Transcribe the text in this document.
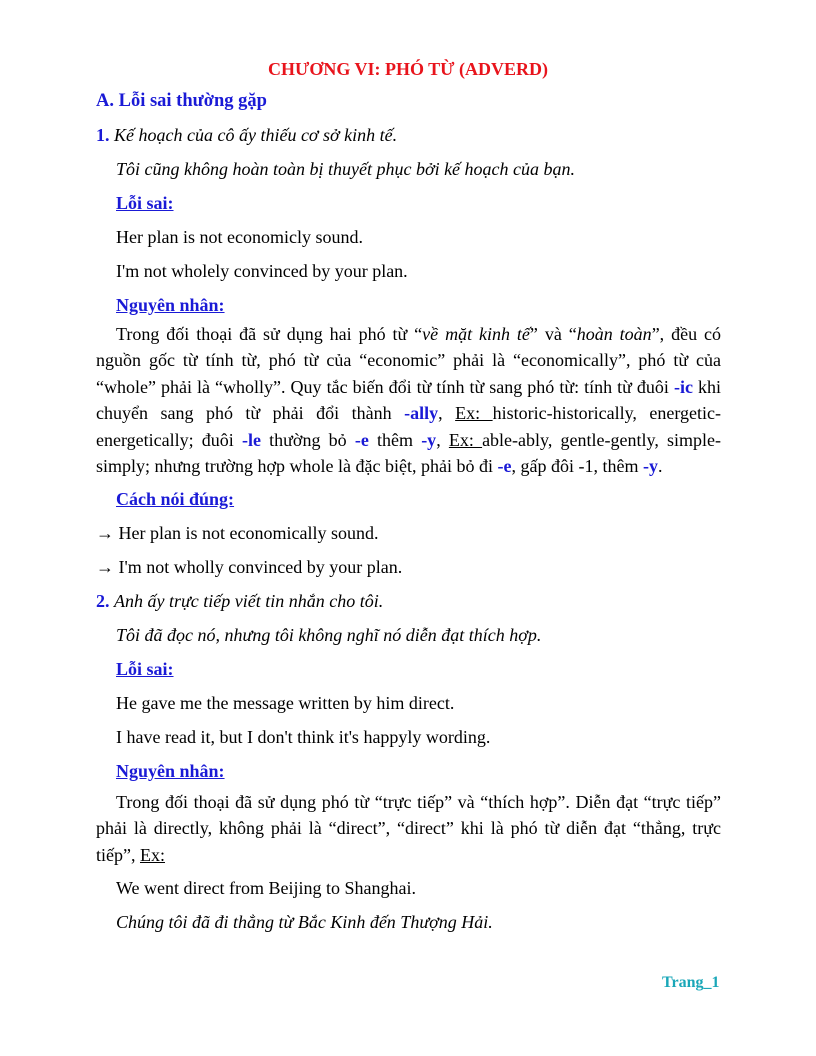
CHƯƠNG VI: PHÓ TỪ (ADVERD)
A. Lỗi sai thường gặp
1. Kế hoạch của cô ấy thiếu cơ sở kinh tế.
Tôi cũng không hoàn toàn bị thuyết phục bởi kế hoạch của bạn.
Lỗi sai:
Her plan is not economicly sound.
I'm not wholely convinced by your plan.
Nguyên nhân:
Trong đối thoại đã sử dụng hai phó từ “về mặt kinh tế” và “hoàn toàn”, đều có nguồn gốc từ tính từ, phó từ của “economic” phải là “economically”, phó từ của “whole” phải là “wholly”. Quy tắc biến đổi từ tính từ sang phó từ: tính từ đuôi -ic khi chuyển sang phó từ phải đổi thành -ally, Ex: historic-historically, energetic-energetically; đuôi -le thường bỏ -e thêm -y, Ex: able-ably, gentle-gently, simple-simply; nhưng trường hợp whole là đặc biệt, phải bỏ đi -e, gấp đôi -1, thêm -y.
Cách nói đúng:
→ Her plan is not economically sound.
→ I'm not wholly convinced by your plan.
2. Anh ấy trực tiếp viết tin nhắn cho tôi.
Tôi đã đọc nó, nhưng tôi không nghĩ nó diễn đạt thích hợp.
Lỗi sai:
He gave me the message written by him direct.
I have read it, but I don't think it's happyly wording.
Nguyên nhân:
Trong đối thoại đã sử dụng phó từ “trực tiếp” và “thích hợp”. Diễn đạt “trực tiếp” phải là directly, không phải là “direct”, “direct” khi là phó từ diễn đạt “thẳng, trực tiếp”, Ex:
We went direct from Beijing to Shanghai.
Chúng tôi đã đi thẳng từ Bắc Kinh đến Thượng Hải.
Trang_1
